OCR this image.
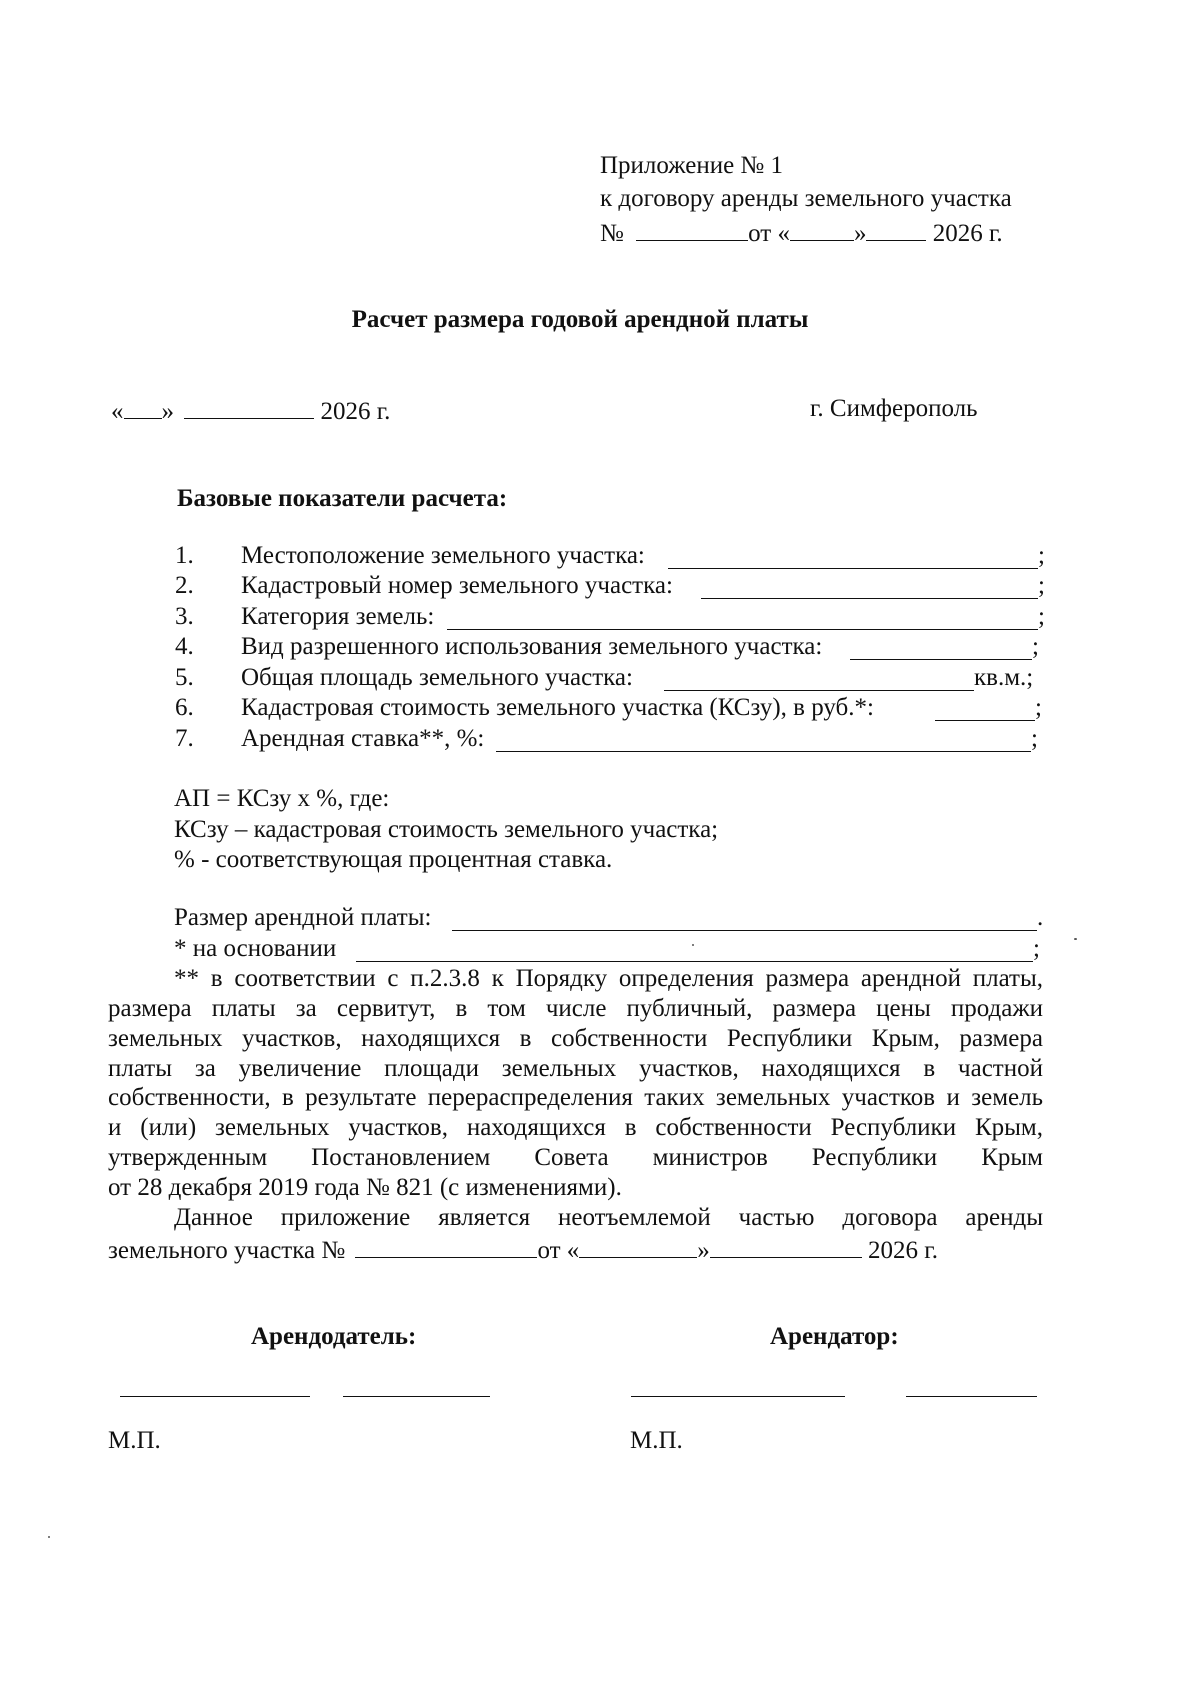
Приложение № 1
к договору аренды земельного участка
№	от «	»	2026 г.
Расчет размера годовой арендной платы
« »	2026 г.	г. Симферополь
Базовые показатели расчета:
1. Местоположение земельного участка:	;
2. Кадастровый номер земельного участка:	;
3. Категория земель:	;
4. Вид разрешенного использования земельного участка:	;
5. Общая площадь земельного участка:	кв.м.;
6. Кадастровая стоимость земельного участка (КСзу), в руб.*:	;
7. Арендная ставка**, %:	;
АП = КСзу х %, где:
КСзу – кадастровая стоимость земельного участка;
% - соответствующая процентная ставка.
Размер арендной платы:	.
* на основании	;
** в соответствии с п.2.3.8 к Порядку определения размера арендной платы,
размера платы за сервитут, в том числе публичный, размера цены продажи
земельных участков, находящихся в собственности Республики Крым, размера
платы за увеличение площади земельных участков, находящихся в частной
собственности, в результате перераспределения таких земельных участков и земель
и (или) земельных участков, находящихся в собственности Республики Крым,
утвержденным Постановлением Совета министров Республики Крым
от 28 декабря 2019 года № 821 (с изменениями).
Данное приложение является неотъемлемой частью договора аренды
земельного участка №	от «	»	2026 г.
Арендодатель:	Арендатор:
М.П.	М.П.
